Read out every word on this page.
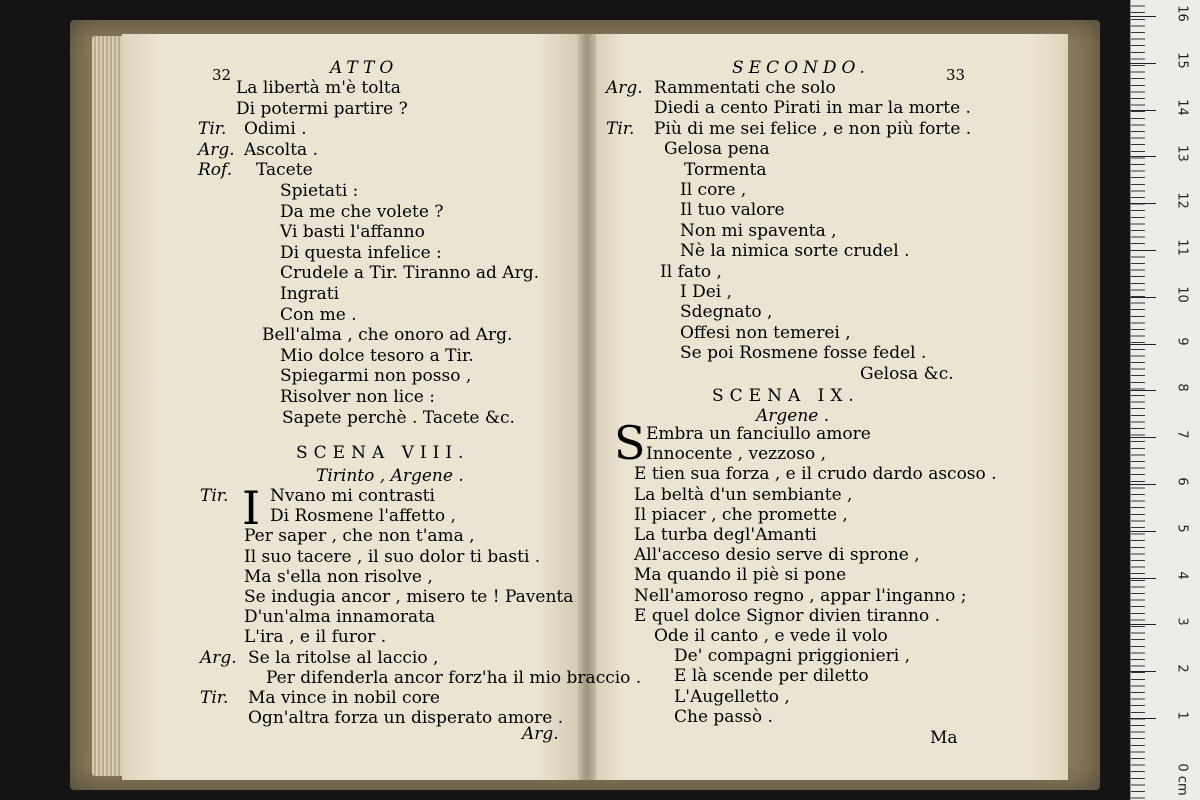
16
15
14
13
12
11
10
9
8
7
6
5
4
3
2
1
0 cm
32	ATTO
SCENA VIII.
Tirinto , Argene .
I
Arg.
SECONDO.	33
SCENA IX.
Argene .
S
Ma
La libertà m'è tolta
Di potermi partire ?
Tir. Odimi .
Arg. Ascolta .
Rof. Tacete
Spietati :
Da me che volete ?
Vi basti l'affanno
Di questa infelice :
Crudele a Tir. Tiranno ad Arg.
Ingrati
Con me .
Bell'alma , che onoro ad Arg.
Mio dolce tesoro a Tir.
Spiegarmi non posso ,
Risolver non lice :
Sapete perchè . Tacete &c.
Tir. Nvano mi contrasti
Di Rosmene l'affetto ,
Per saper , che non t'ama ,
Il suo tacere , il suo dolor ti basti .
Ma s'ella non risolve ,
Se indugia ancor , misero te ! Paventa
D'un'alma innamorata
L'ira , e il furor .
Arg. Se la ritolse al laccio ,
Per difenderla ancor forz'ha il mio braccio .
Tir. Ma vince in nobil core
Ogn'altra forza un disperato amore .
Arg. Rammentati che solo
Diedi a cento Pirati in mar la morte .
Tir. Più di me sei felice , e non più forte .
Gelosa pena
Tormenta
Il core ,
Il tuo valore
Non mi spaventa ,
Nè la nimica sorte crudel .
Il fato ,
I Dei ,
Sdegnato ,
Offesi non temerei ,
Se poi Rosmene fosse fedel .
Gelosa &c.
Embra un fanciullo amore
Innocente , vezzoso ,
E tien sua forza , e il crudo dardo ascoso .
La beltà d'un sembiante ,
Il piacer , che promette ,
La turba degl'Amanti
All'acceso desio serve di sprone ,
Ma quando il piè si pone
Nell'amoroso regno , appar l'inganno ;
E quel dolce Signor divien tiranno .
Ode il canto , e vede il volo
De' compagni priggionieri ,
E là scende per diletto
L'Augelletto ,
Che passò .
